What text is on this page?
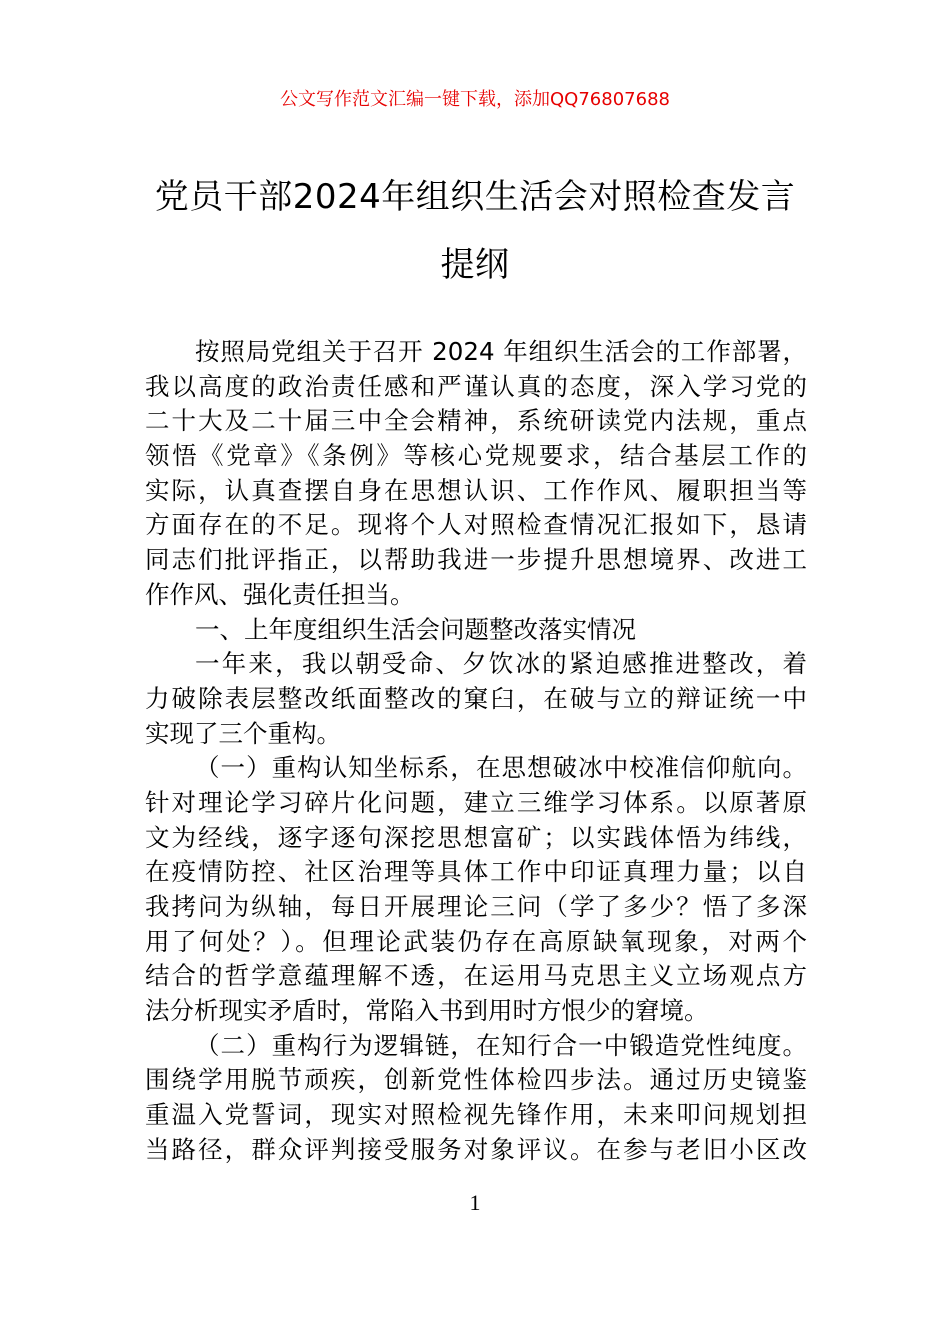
公文写作范文汇编一键下载，添加QQ76807688
党员干部2024年组织生活会对照检查发言
提纲
按照局党组关于召开 2024 年组织生活会的工作部署，
我以高度的政治责任感和严谨认真的态度，深入学习党的
二十大及二十届三中全会精神，系统研读党内法规，重点
领悟《党章》《条例》等核心党规要求，结合基层工作的
实际，认真查摆自身在思想认识、工作作风、履职担当等
方面存在的不足。现将个人对照检查情况汇报如下，恳请
同志们批评指正，以帮助我进一步提升思想境界、改进工
作作风、强化责任担当。
一、上年度组织生活会问题整改落实情况
一年来，我以朝受命、夕饮冰的紧迫感推进整改，着
力破除表层整改纸面整改的窠臼，在破与立的辩证统一中
实现了三个重构。
（一）重构认知坐标系，在思想破冰中校准信仰航向。
针对理论学习碎片化问题，建立三维学习体系。以原著原
文为经线，逐字逐句深挖思想富矿；以实践体悟为纬线，
在疫情防控、社区治理等具体工作中印证真理力量；以自
我拷问为纵轴，每日开展理论三问（学了多少？悟了多深
用了何处？）。但理论武装仍存在高原缺氧现象，对两个
结合的哲学意蕴理解不透，在运用马克思主义立场观点方
法分析现实矛盾时，常陷入书到用时方恨少的窘境。
（二）重构行为逻辑链，在知行合一中锻造党性纯度。
围绕学用脱节顽疾，创新党性体检四步法。通过历史镜鉴
重温入党誓词，现实对照检视先锋作用，未来叩问规划担
当路径，群众评判接受服务对象评议。在参与老旧小区改
1
